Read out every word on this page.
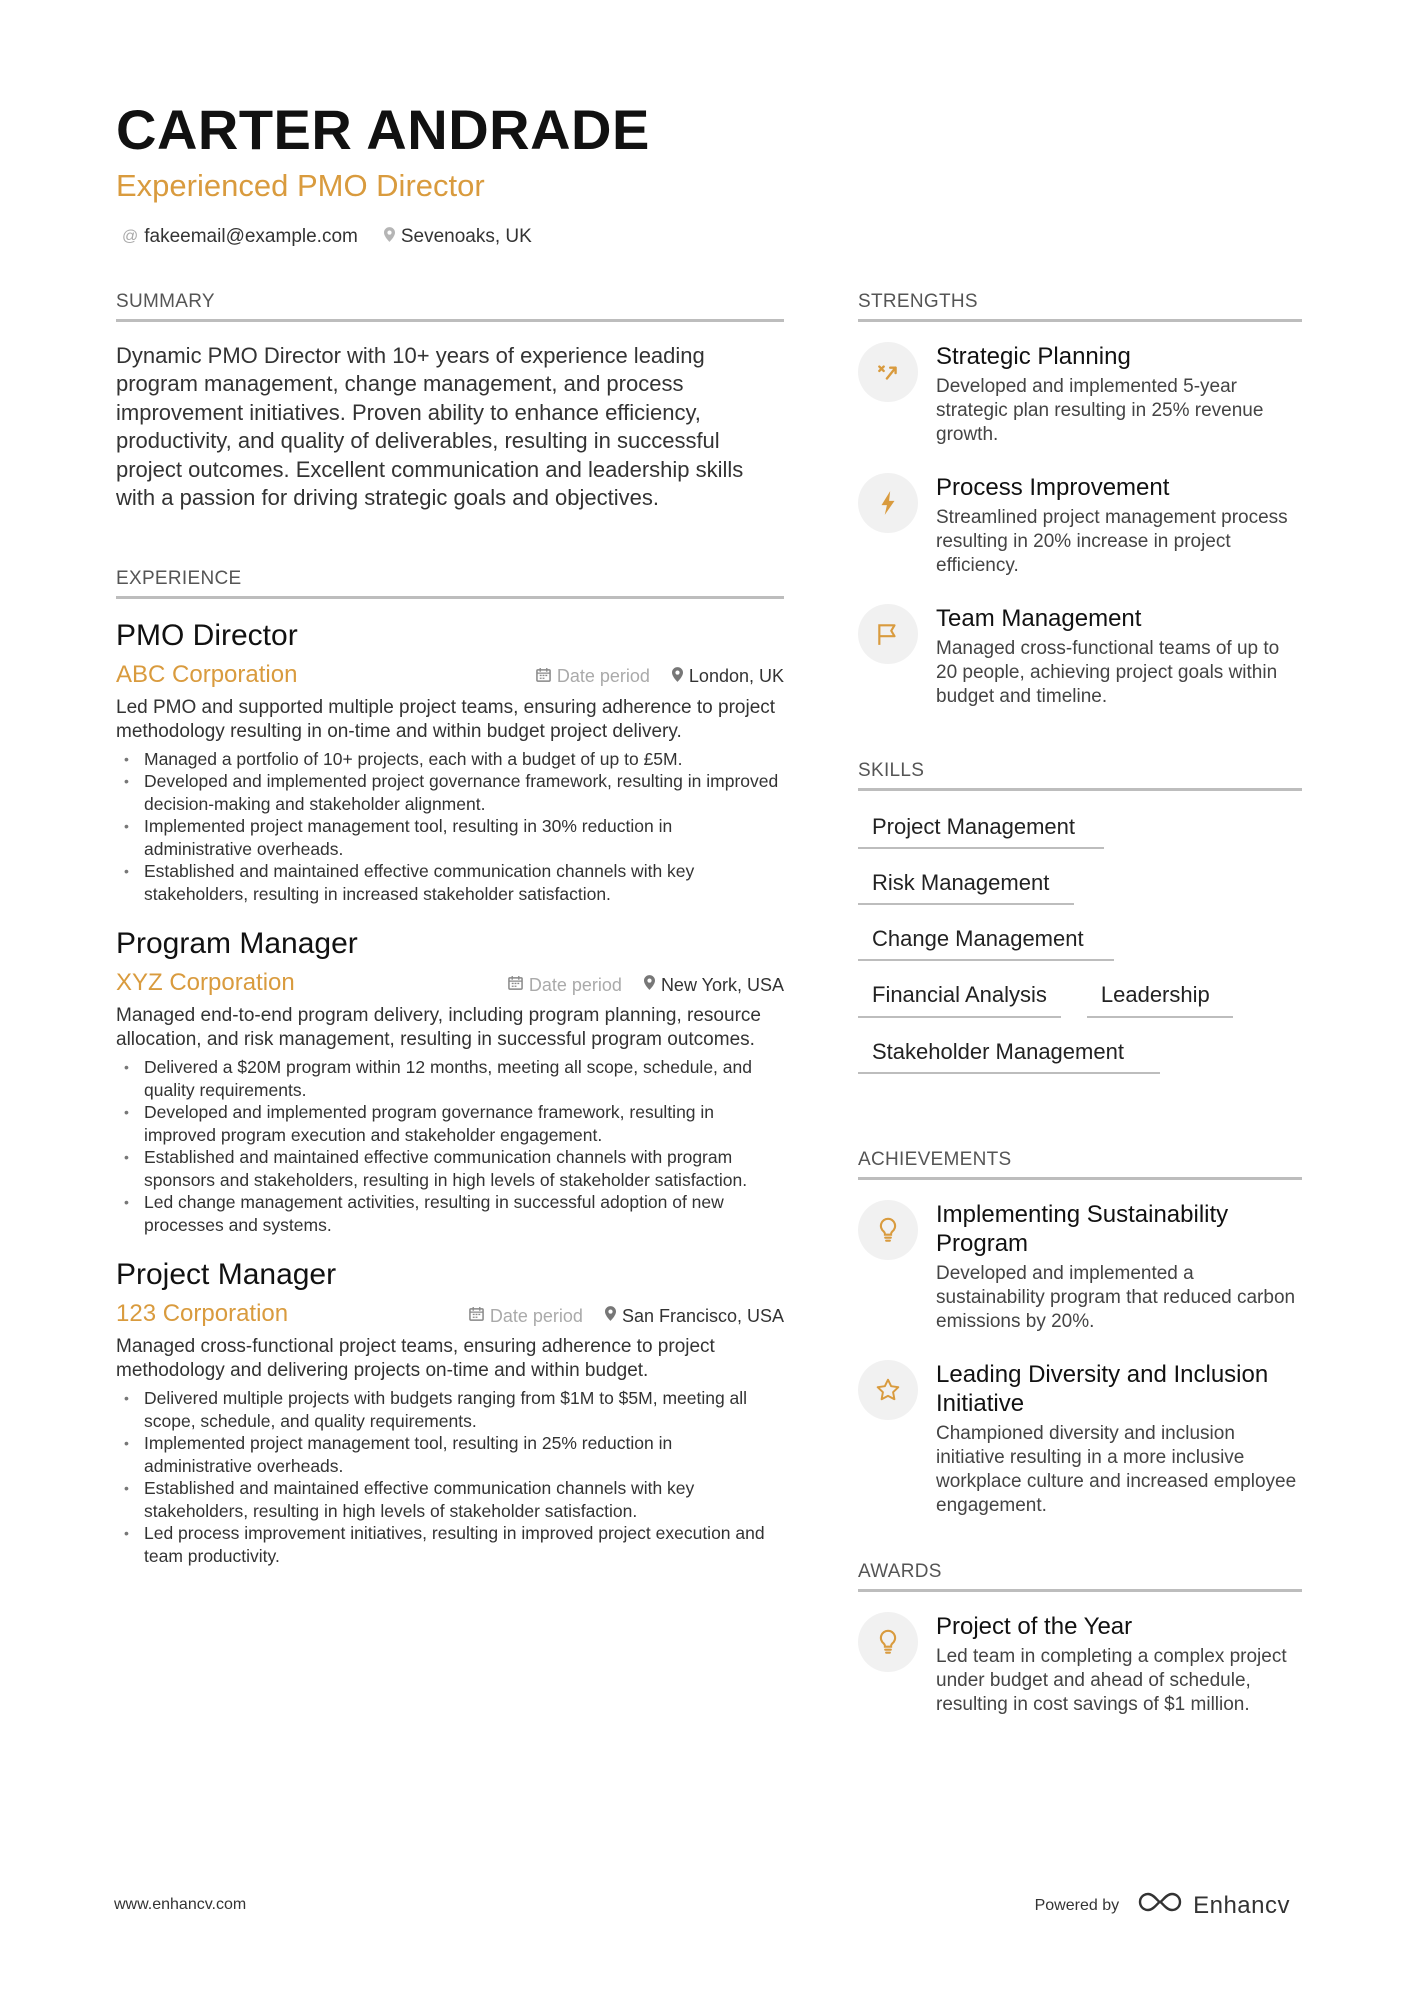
CARTER ANDRADE
Experienced PMO Director
@ fakeemail@example.com Sevenoaks, UK
SUMMARY
Dynamic PMO Director with 10+ years of experience leading program management, change management, and process improvement initiatives. Proven ability to enhance efficiency, productivity, and quality of deliverables, resulting in successful project outcomes. Excellent communication and leadership skills with a passion for driving strategic goals and objectives.
EXPERIENCE
PMO Director
ABC Corporation	Date period London, UK
Led PMO and supported multiple project teams, ensuring adherence to project methodology resulting in on-time and within budget project delivery.
• Managed a portfolio of 10+ projects, each with a budget of up to £5M.
• Developed and implemented project governance framework, resulting in improved decision-making and stakeholder alignment.
• Implemented project management tool, resulting in 30% reduction in administrative overheads.
• Established and maintained effective communication channels with key stakeholders, resulting in increased stakeholder satisfaction.
Program Manager
XYZ Corporation	Date period New York, USA
Managed end-to-end program delivery, including program planning, resource allocation, and risk management, resulting in successful program outcomes.
• Delivered a $20M program within 12 months, meeting all scope, schedule, and quality requirements.
• Developed and implemented program governance framework, resulting in improved program execution and stakeholder engagement.
• Established and maintained effective communication channels with program sponsors and stakeholders, resulting in high levels of stakeholder satisfaction.
• Led change management activities, resulting in successful adoption of new processes and systems.
Project Manager
123 Corporation	Date period San Francisco, USA
Managed cross-functional project teams, ensuring adherence to project methodology and delivering projects on-time and within budget.
• Delivered multiple projects with budgets ranging from $1M to $5M, meeting all scope, schedule, and quality requirements.
• Implemented project management tool, resulting in 25% reduction in administrative overheads.
• Established and maintained effective communication channels with key stakeholders, resulting in high levels of stakeholder satisfaction.
• Led process improvement initiatives, resulting in improved project execution and team productivity.
STRENGTHS
Strategic Planning
Developed and implemented 5-year strategic plan resulting in 25% revenue growth.
Process Improvement
Streamlined project management process resulting in 20% increase in project efficiency.
Team Management
Managed cross-functional teams of up to 20 people, achieving project goals within budget and timeline.
SKILLS
Project Management
Risk Management
Change Management
Financial Analysis	Leadership
Stakeholder Management
ACHIEVEMENTS
Implementing Sustainability Program
Developed and implemented a sustainability program that reduced carbon emissions by 20%.
Leading Diversity and Inclusion Initiative
Championed diversity and inclusion initiative resulting in a more inclusive workplace culture and increased employee engagement.
AWARDS
Project of the Year
Led team in completing a complex project under budget and ahead of schedule, resulting in cost savings of $1 million.
www.enhancv.com	Powered by	Enhancv
